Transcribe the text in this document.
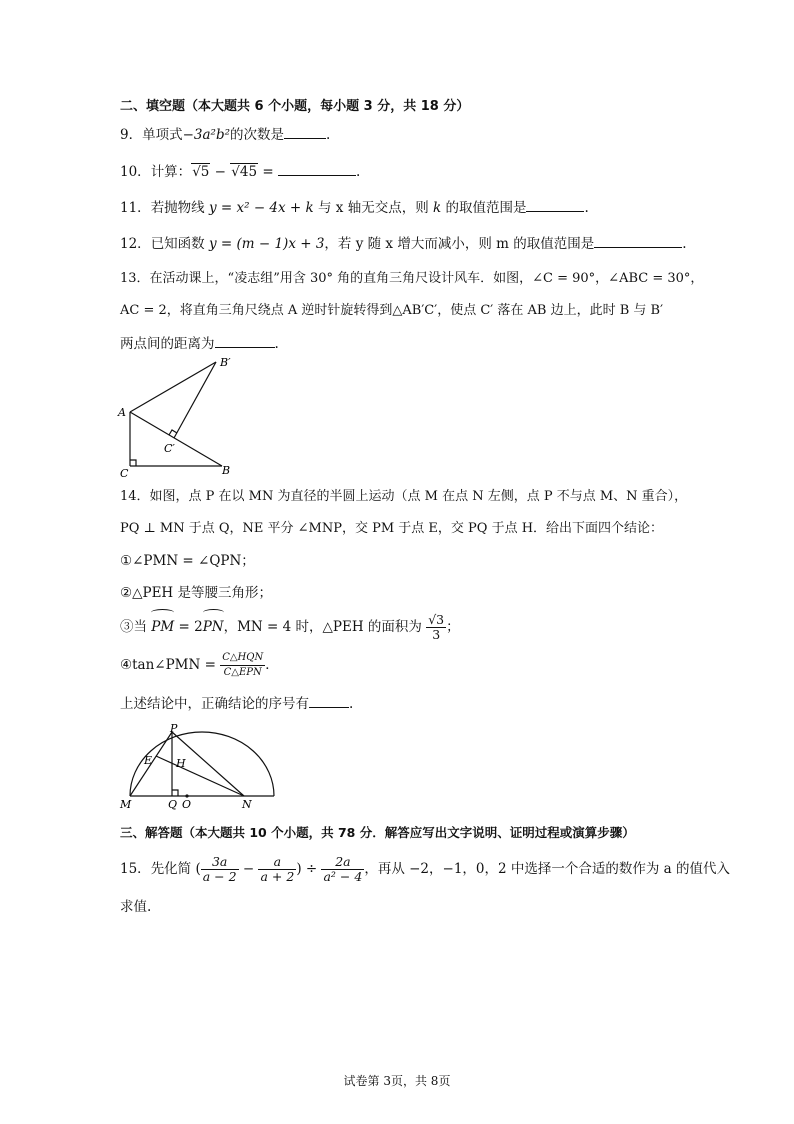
二、填空题（本大题共 6 个小题，每小题 3 分，共 18 分）
9．单项式−3a²b²的次数是	.
10．计算：√5 − √45 =	.
11．若抛物线 y = x² − 4x + k 与 x 轴无交点，则 k 的取值范围是	.
12．已知函数 y = (m − 1)x + 3，若 y 随 x 增大而减小，则 m 的取值范围是	.
13．在活动课上，“凌志组”用含 30° 角的直角三角尺设计风车．如图，∠C = 90°，∠ABC = 30°，
AC = 2，将直角三角尺绕点 A 逆时针旋转得到△AB′C′，使点 C′ 落在 AB 边上，此时 B 与 B′
两点间的距离为	.
B′
A
C′
C	B
14．如图，点 P 在以 MN 为直径的半圆上运动（点 M 在点 N 左侧，点 P 不与点 M、N 重合），
PQ ⊥ MN 于点 Q，NE 平分 ∠MNP，交 PM 于点 E，交 PQ 于点 H．给出下面四个结论：
①∠PMN = ∠QPN；
②△PEH 是等腰三角形；
③当 PM = 2PN，MN = 4 时，△PEH 的面积为 $\frac{√3}{3}$ ；
④tan∠PMN = $\frac{\text{C△HQN}}{\text{C△EPN}}$ ．
上述结论中，正确结论的序号有	.
P
E H
M	Q O	N
三、解答题（本大题共 10 个小题，共 78 分．解答应写出文字说明、证明过程或演算步骤）
15．先化简 ( $\frac{3a}{a - 2} - \frac{a}{a + 2}$ ) ÷ $\frac{2a}{\text{a² − 4}}$ ，再从 −2，−1，0，2 中选择一个合适的数作为 a 的值代入
求值.
试卷第 3页，共 8页
